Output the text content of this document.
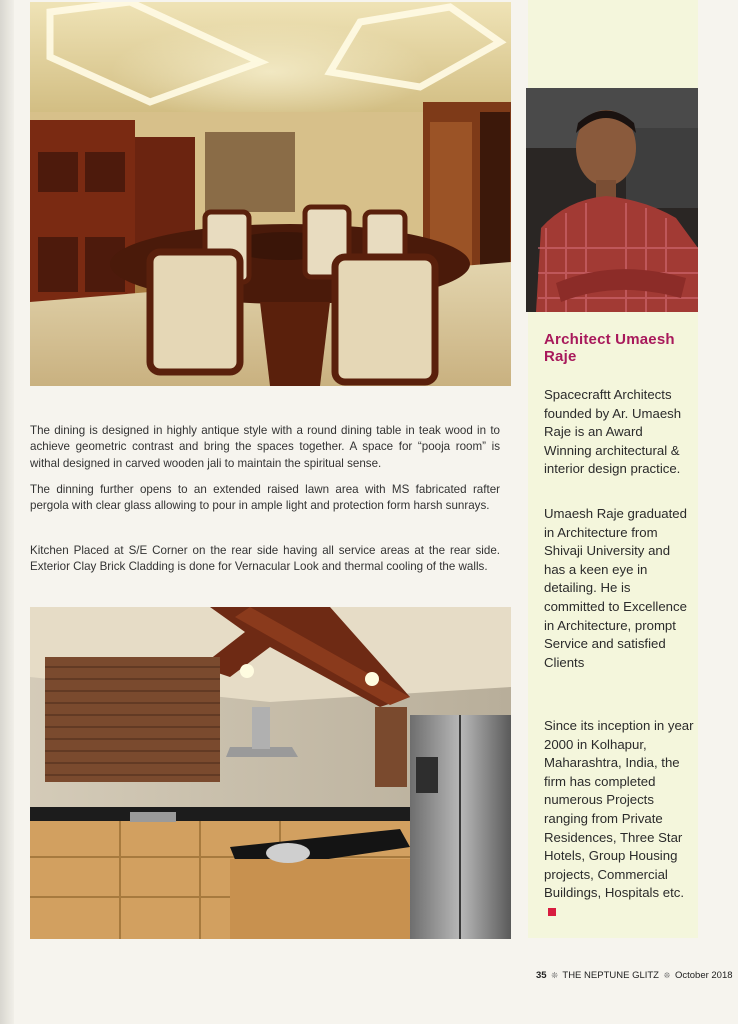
Architect Umaesh Raje
Spacecraftt Architects founded by Ar. Umaesh Raje is an Award Winning architectural & interior design practice.
Umaesh Raje graduated in Architecture from Shivaji University and has a keen eye in detailing. He is committed to Excellence in Architecture, prompt Service and satisfied Clients
Since its inception in year 2000 in Kolhapur, Maharashtra, India, the firm has completed numerous Projects ranging from Private Residences, Three Star Hotels, Group Housing projects, Commercial Buildings, Hospitals etc.
The dining is designed in highly antique style with a round dining table in teak wood in to achieve geometric contrast and bring the spaces together. A space for “pooja room” is withal designed in carved wooden jali to maintain the spiritual sense.
The dinning further opens to an extended raised lawn area with MS fabricated rafter pergola with clear glass allowing to pour in ample light and protection form harsh sunrays.
Kitchen Placed at S/E Corner on the rear side having all service areas at the rear side. Exterior Clay Brick Cladding is done for Vernacular Look and thermal cooling of the walls.
35 ❊ THE NEPTUNE GLITZ ❊ October 2018
